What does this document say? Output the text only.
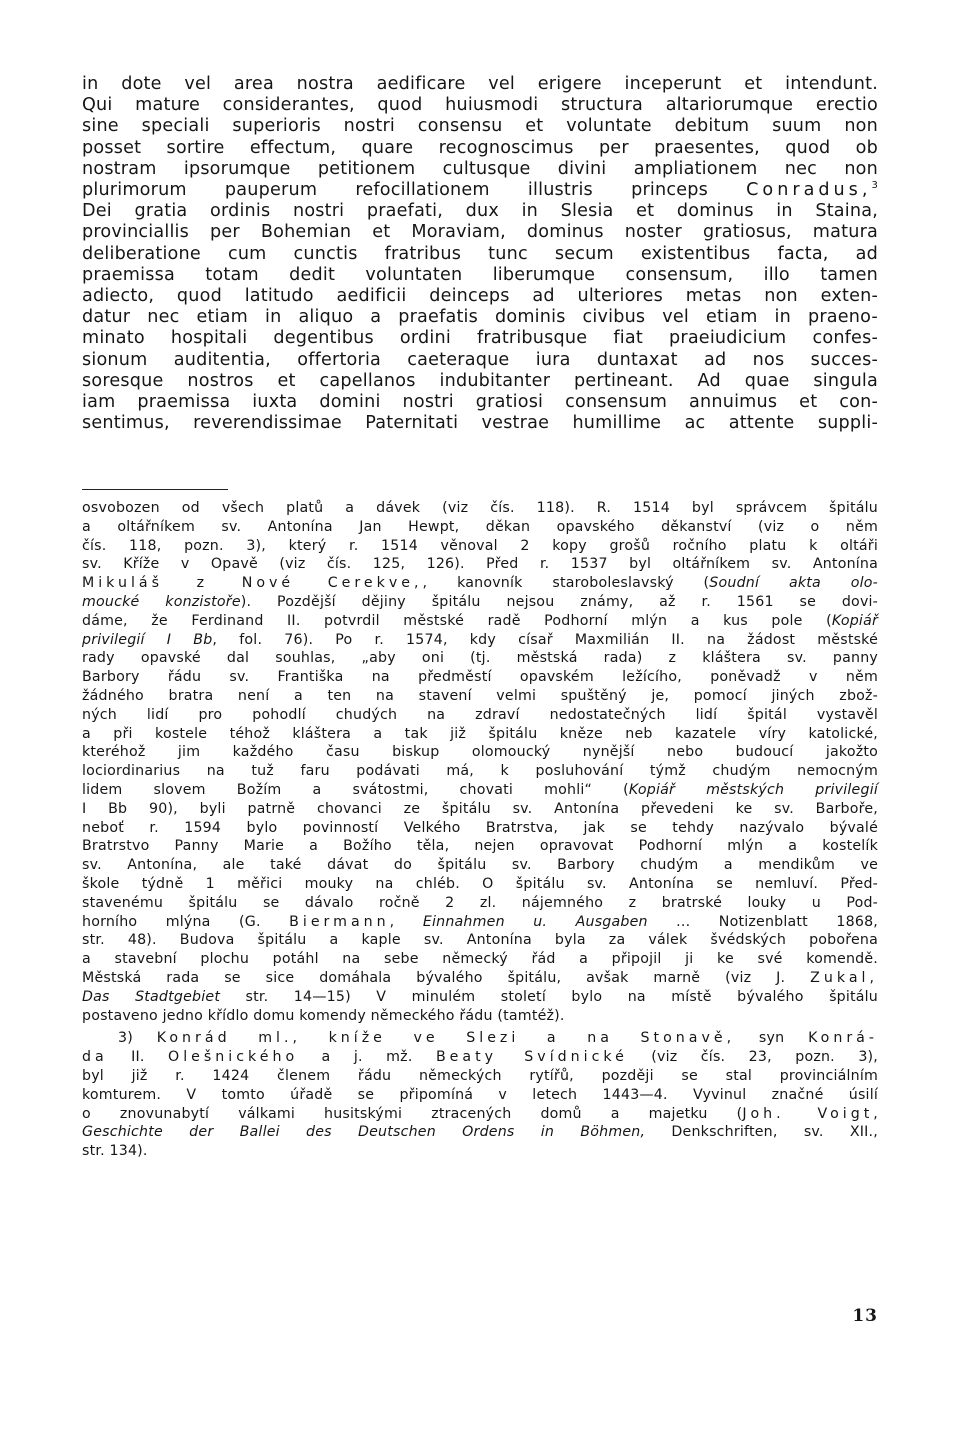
in dote vel area nostra aedificare vel erigere inceperunt et intendunt.
Qui mature considerantes, quod huiusmodi structura altariorumque erectio
sine speciali superioris nostri consensu et voluntate debitum suum non
posset sortire effectum, quare recognoscimus per praesentes, quod ob
nostram ipsorumque petitionem cultusque divini ampliationem nec non
plurimorum pauperum refocillationem illustris princeps Conradus,$^3$
Dei gratia ordinis nostri praefati, dux in Slesia et dominus in Staina,
provinciallis per Bohemian et Moraviam, dominus noster gratiosus, matura
deliberatione cum cunctis fratribus tunc secum existentibus facta, ad
praemissa totam dedit voluntaten liberumque consensum, illo tamen
adiecto, quod latitudo aedificii deinceps ad ulteriores metas non exten-
datur nec etiam in aliquo a praefatis dominis civibus vel etiam in praeno-
minato hospitali degentibus ordini fratribusque fiat praeiudicium confes-
sionum auditentia, offertoria caeteraque iura duntaxat ad nos succes-
soresque nostros et capellanos indubitanter pertineant. Ad quae singula
iam praemissa iuxta domini nostri gratiosi consensum annuimus et con-
sentimus, reverendissimae Paternitati vestrae humillime ac attente suppli-
osvobozen od všech platů a dávek (viz čís. 118). R. 1514 byl správcem špitálu
a oltářníkem sv. Antonína Jan Hewpt, děkan opavského děkanství (viz o něm
čís. 118, pozn. 3), který r. 1514 věnoval 2 kopy grošů ročního platu k oltáři
sv. Kříže v Opavě (viz čís. 125, 126). Před r. 1537 byl oltářníkem sv. Antonína
Mikuláš z Nové Cerekve,, kanovník staroboleslavský (Soudní akta olo-
moucké konzistoře). Pozdější dějiny špitálu nejsou známy, až r. 1561 se dovi-
dáme, že Ferdinand II. potvrdil městské radě Podhorní mlýn a kus pole (Kopiář
privilegií I Bb, fol. 76). Po r. 1574, kdy císař Maxmilián II. na žádost městské
rady opavské dal souhlas, „aby oni (tj. městská rada) z kláštera sv. panny
Barbory řádu sv. Františka na předměstí opavském ležícího, poněvadž v něm
žádného bratra není a ten na stavení velmi spuštěný je, pomocí jiných zbož-
ných lidí pro pohodlí chudých na zdraví nedostatečných lidí špitál vystavěl
a při kostele téhož kláštera a tak již špitálu kněze neb kazatele víry katolické,
kteréhož jim každého času biskup olomoucký nynější nebo budoucí jakožto
lociordinarius na tuž faru podávati má, k posluhování týmž chudým nemocným
lidem slovem Božím a svátostmi, chovati mohli“ (Kopiář městských privilegií
I Bb 90), byli patrně chovanci ze špitálu sv. Antonína převedeni ke sv. Barboře,
neboť r. 1594 bylo povinností Velkého Bratrstva, jak se tehdy nazývalo bývalé
Bratrstvo Panny Marie a Božího těla, nejen opravovat Podhorní mlýn a kostelík
sv. Antonína, ale také dávat do špitálu sv. Barbory chudým a mendikům ve
škole týdně 1 měřici mouky na chléb. O špitálu sv. Antonína se nemluví. Před-
stavenému špitálu se dávalo ročně 2 zl. nájemného z bratrské louky u Pod-
horního mlýna (G. Biermann, Einnahmen u. Ausgaben ... Notizenblatt 1868,
str. 48). Budova špitálu a kaple sv. Antonína byla za válek švédských pobořena
a stavební plochu potáhl na sebe německý řád a připojil ji ke své komendě.
Městská rada se sice domáhala bývalého špitálu, avšak marně (viz J. Zukal,
Das Stadtgebiet str. 14—15) V minulém století bylo na místě bývalého špitálu
postaveno jedno křídlo domu komendy německého řádu (tamtéž).
3) Konrád ml., kníže ve Slezi a na Stonavě, syn Konrá-
da II. Olešnického a j. mž. Beaty Svídnické (viz čís. 23, pozn. 3),
byl již r. 1424 členem řádu německých rytířů, později se stal provinciálním
komturem. V tomto úřadě se připomíná v letech 1443—4. Vyvinul značné úsilí
o znovunabytí válkami husitskými ztracených domů a majetku (Joh. Voigt,
Geschichte der Ballei des Deutschen Ordens in Böhmen, Denkschriften, sv. XII.,
str. 134).
13
